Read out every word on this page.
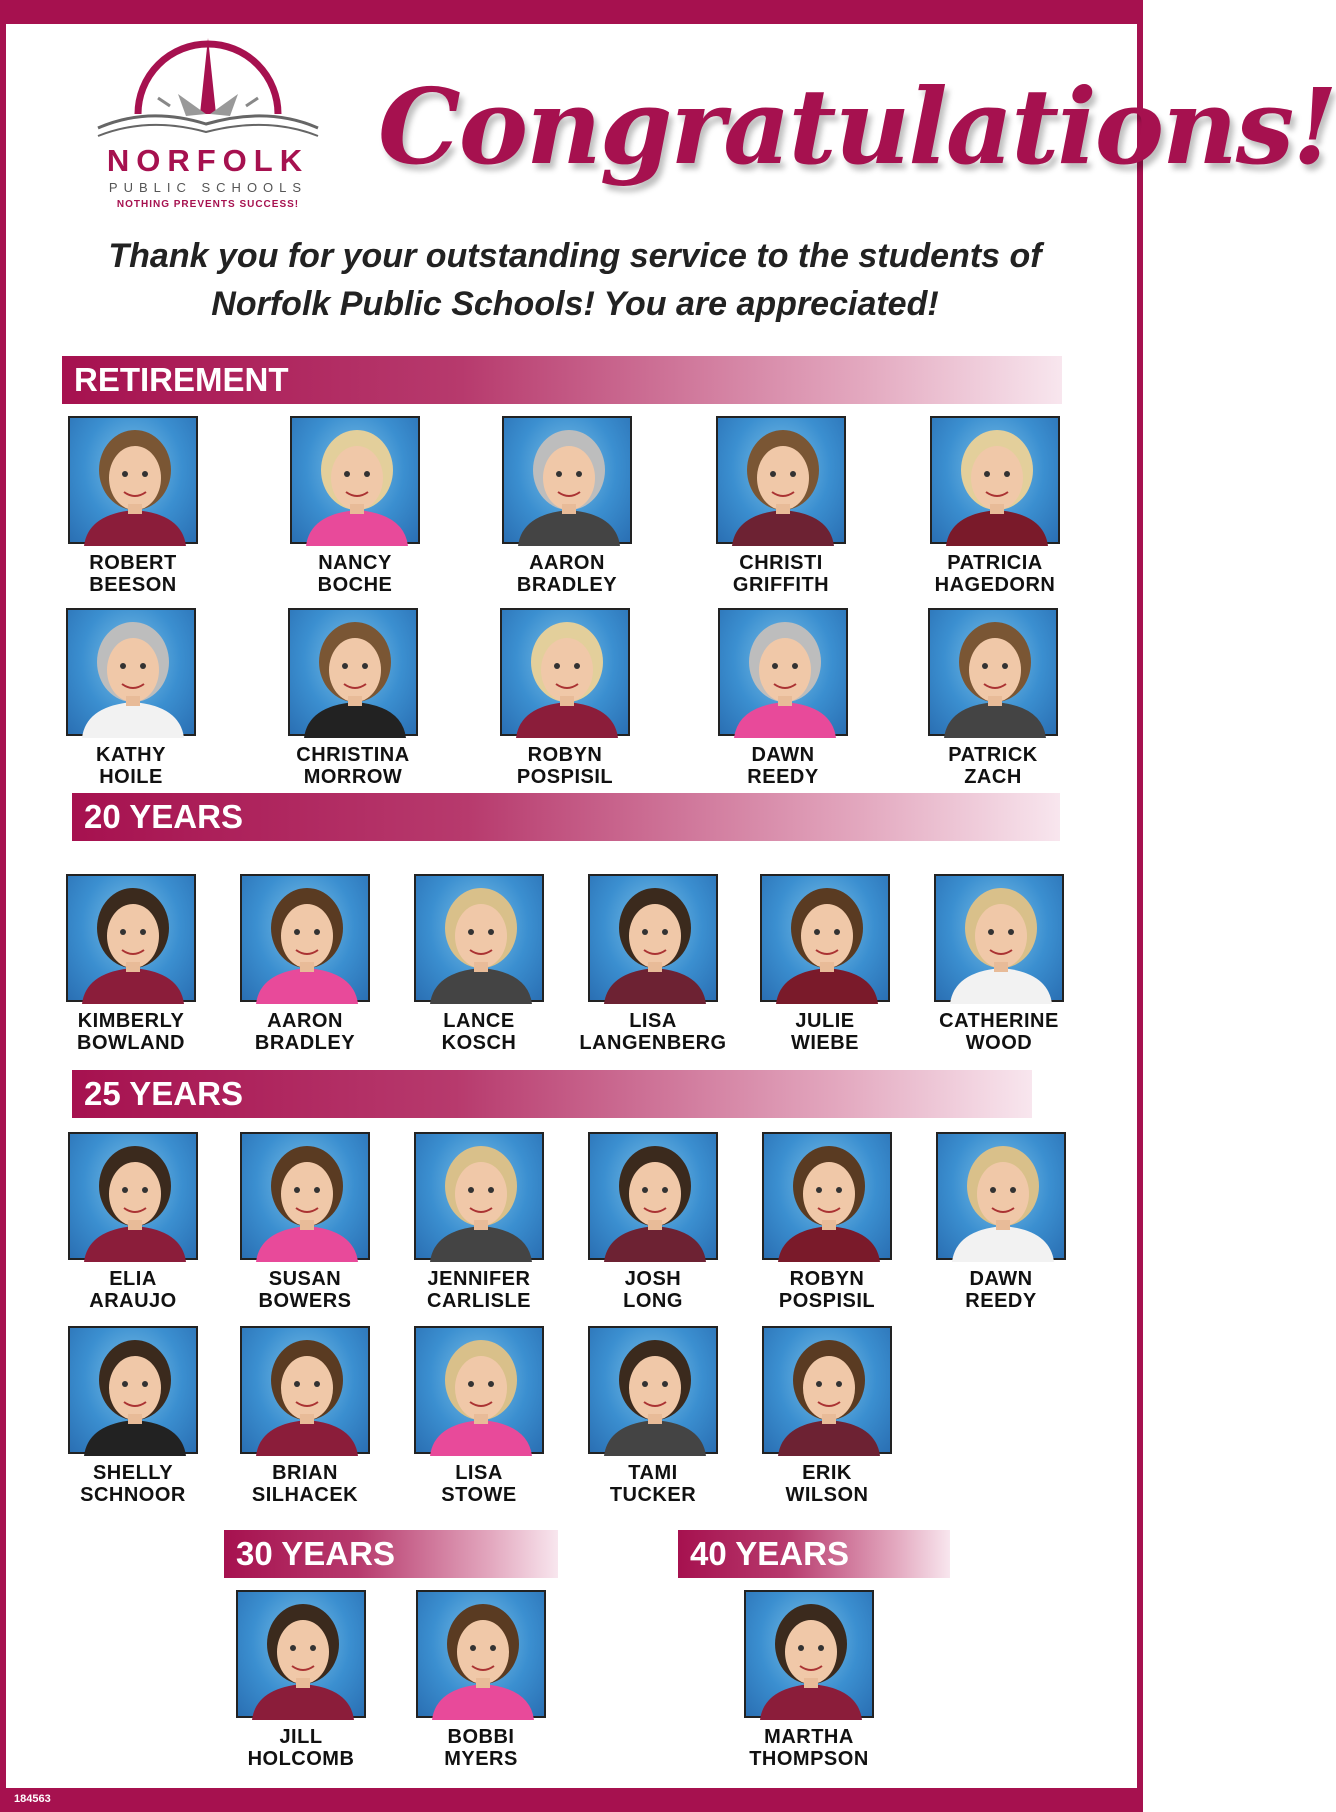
NORFOLK
PUBLIC SCHOOLS
NOTHING PREVENTS SUCCESS!
Congratulations!
Thank you for your outstanding service to the students of
Norfolk Public Schools! You are appreciated!
RETIREMENT
20 YEARS
25 YEARS
30 YEARS	40 YEARS
ROBERT
BEESON
NANCY
BOCHE
AARON
BRADLEY
CHRISTI
GRIFFITH
PATRICIA
HAGEDORN
KATHY
HOILE
CHRISTINA
MORROW
ROBYN
POSPISIL
DAWN
REEDY
PATRICK
ZACH
KIMBERLY
BOWLAND
AARON
BRADLEY
LANCE
KOSCH
LISA
LANGENBERG
JULIE
WIEBE
CATHERINE
WOOD
ELIA
ARAUJO
SUSAN
BOWERS
JENNIFER
CARLISLE
JOSH
LONG
ROBYN
POSPISIL
DAWN
REEDY
SHELLY
SCHNOOR
BRIAN
SILHACEK
LISA
STOWE
TAMI
TUCKER
ERIK
WILSON
JILL
HOLCOMB
BOBBI
MYERS
MARTHA
THOMPSON
184563
